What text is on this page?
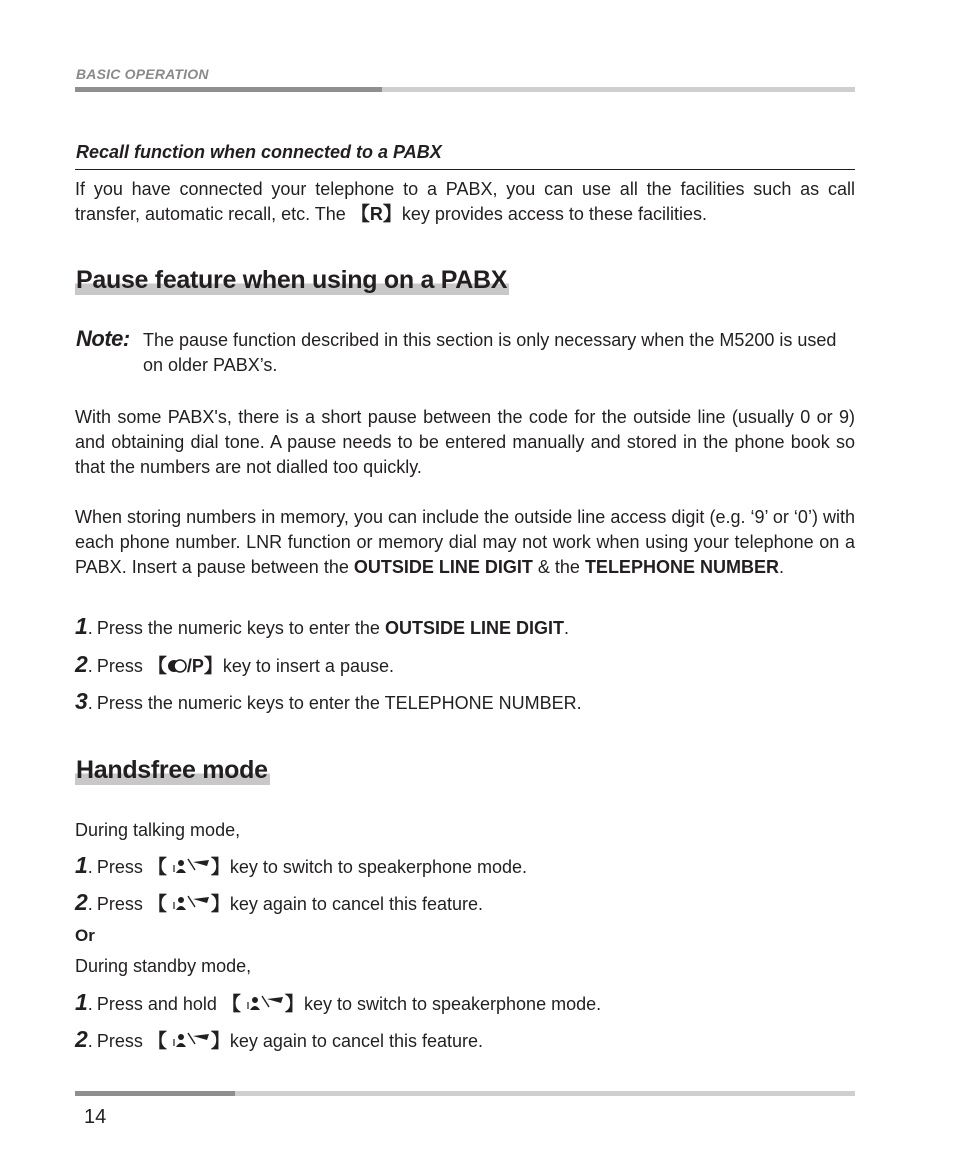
BASIC OPERATION
Recall function when connected to a PABX
If you have connected your telephone to a PABX, you can use all the facilities such as call transfer, automatic recall, etc. The 【R】key provides access to these facilities.
Pause feature when using on a PABX
Note: The pause function described in this section is only necessary when the M5200 is used on older PABX’s.
With some PABX's, there is a short pause between the code for the outside line (usually 0 or 9) and obtaining dial tone. A pause needs to be entered manually and stored in the phone book so that the numbers are not dialled too quickly.
When storing numbers in memory, you can include the outside line access digit (e.g. ‘9’ or ‘0’) with each phone number. LNR function or memory dial may not work when using your telephone on a PABX. Insert a pause between the OUTSIDE LINE DIGIT & the TELEPHONE NUMBER.
1. Press the numeric keys to enter the OUTSIDE LINE DIGIT.
2. Press 【 /P】key to insert a pause.
3. Press the numeric keys to enter the TELEPHONE NUMBER.
Handsfree mode
During talking mode,
1. Press 【 】key to switch to speakerphone mode.
2. Press 【 】key again to cancel this feature.
Or
During standby mode,
1. Press and hold 【 】key to switch to speakerphone mode.
2. Press 【 】key again to cancel this feature.
14
